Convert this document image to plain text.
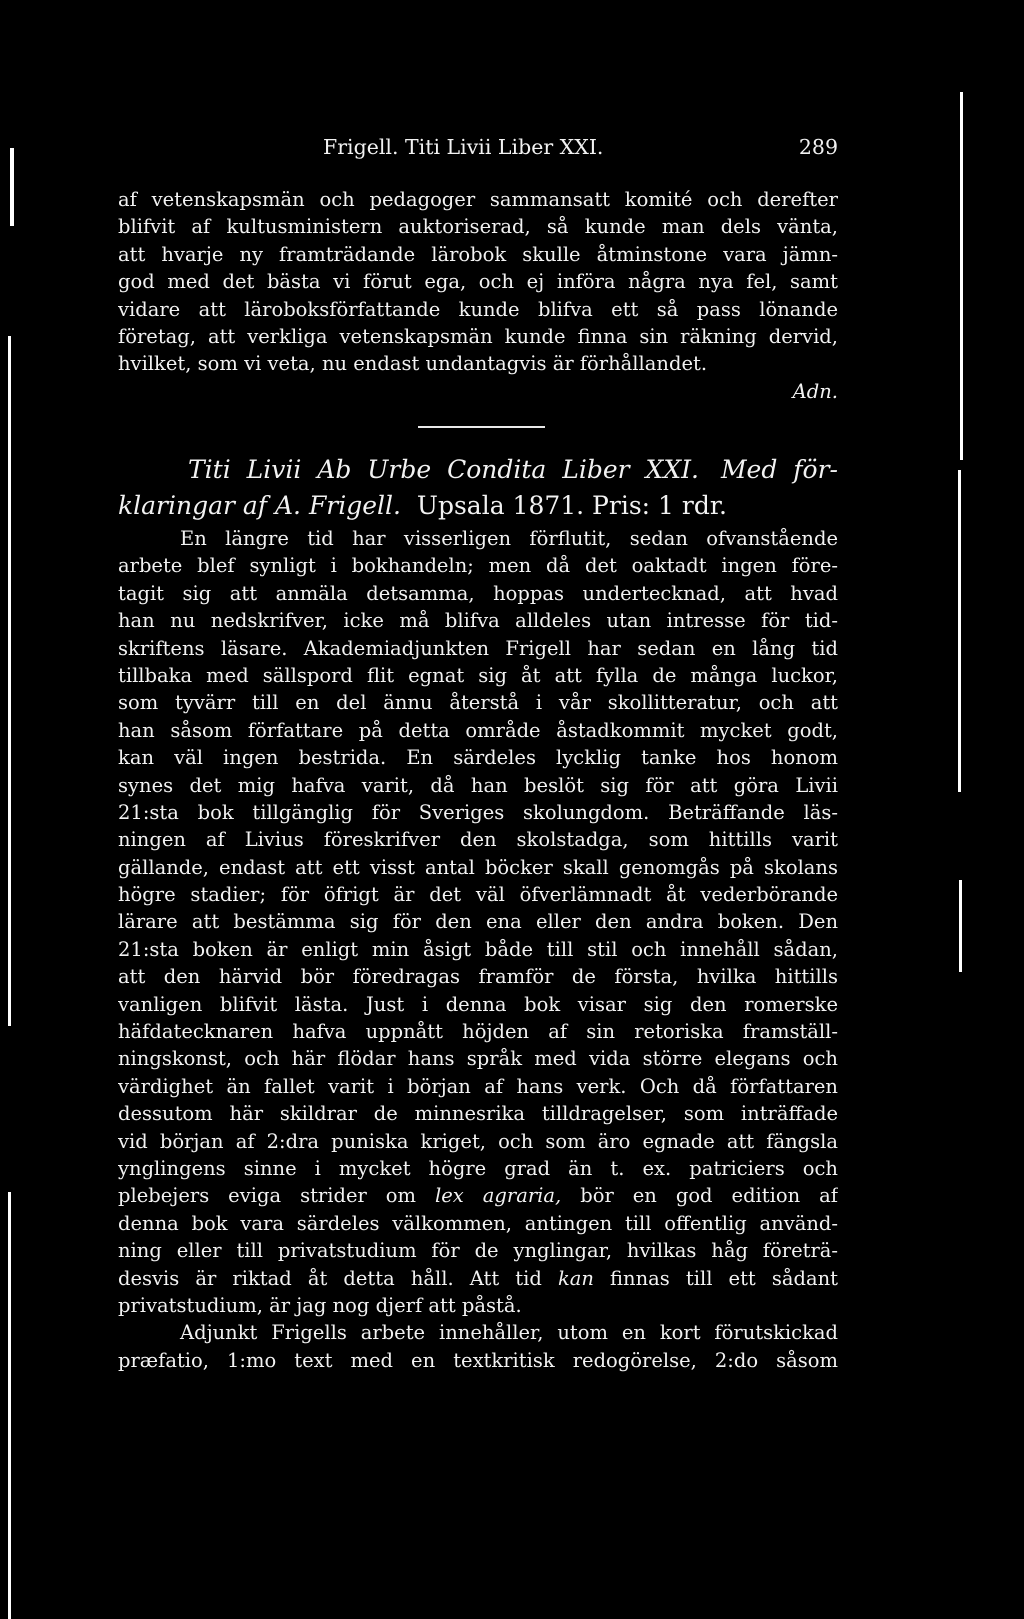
Frigell. Titi Livii Liber XXI.	289
af vetenskapsmän och pedagoger sammansatt komité och derefter
blifvit af kultusministern auktoriserad, så kunde man dels vänta,
att hvarje ny framträdande lärobok skulle åtminstone vara jämn-
god med det bästa vi förut ega, och ej införa några nya fel, samt
vidare att läroboksförfattande kunde blifva ett så pass lönande
företag, att verkliga vetenskapsmän kunde finna sin räkning dervid,
hvilket, som vi veta, nu endast undantagvis är förhållandet.
Adn.
Titi Livii Ab Urbe Condita Liber XXI. Med för-
klaringar af A. Frigell. Upsala 1871. Pris: 1 rdr.
En längre tid har visserligen förflutit, sedan ofvanstående
arbete blef synligt i bokhandeln; men då det oaktadt ingen före-
tagit sig att anmäla detsamma, hoppas undertecknad, att hvad
han nu nedskrifver, icke må blifva alldeles utan intresse för tid-
skriftens läsare. Akademiadjunkten Frigell har sedan en lång tid
tillbaka med sällspord flit egnat sig åt att fylla de många luckor,
som tyvärr till en del ännu återstå i vår skollitteratur, och att
han såsom författare på detta område åstadkommit mycket godt,
kan väl ingen bestrida. En särdeles lycklig tanke hos honom
synes det mig hafva varit, då han beslöt sig för att göra Livii
21:sta bok tillgänglig för Sveriges skolungdom. Beträffande läs-
ningen af Livius föreskrifver den skolstadga, som hittills varit
gällande, endast att ett visst antal böcker skall genomgås på skolans
högre stadier; för öfrigt är det väl öfverlämnadt åt vederbörande
lärare att bestämma sig för den ena eller den andra boken. Den
21:sta boken är enligt min åsigt både till stil och innehåll sådan,
att den härvid bör föredragas framför de första, hvilka hittills
vanligen blifvit lästa. Just i denna bok visar sig den romerske
häfdatecknaren hafva uppnått höjden af sin retoriska framställ-
ningskonst, och här flödar hans språk med vida större elegans och
värdighet än fallet varit i början af hans verk. Och då författaren
dessutom här skildrar de minnesrika tilldragelser, som inträffade
vid början af 2:dra puniska kriget, och som äro egnade att fängsla
ynglingens sinne i mycket högre grad än t. ex. patriciers och
plebejers eviga strider om lex agraria, bör en god edition af
denna bok vara särdeles välkommen, antingen till offentlig använd-
ning eller till privatstudium för de ynglingar, hvilkas håg företrä-
desvis är riktad åt detta håll. Att tid kan finnas till ett sådant
privatstudium, är jag nog djerf att påstå.
Adjunkt Frigells arbete innehåller, utom en kort förutskickad
præfatio, 1:mo text med en textkritisk redogörelse, 2:do såsom
